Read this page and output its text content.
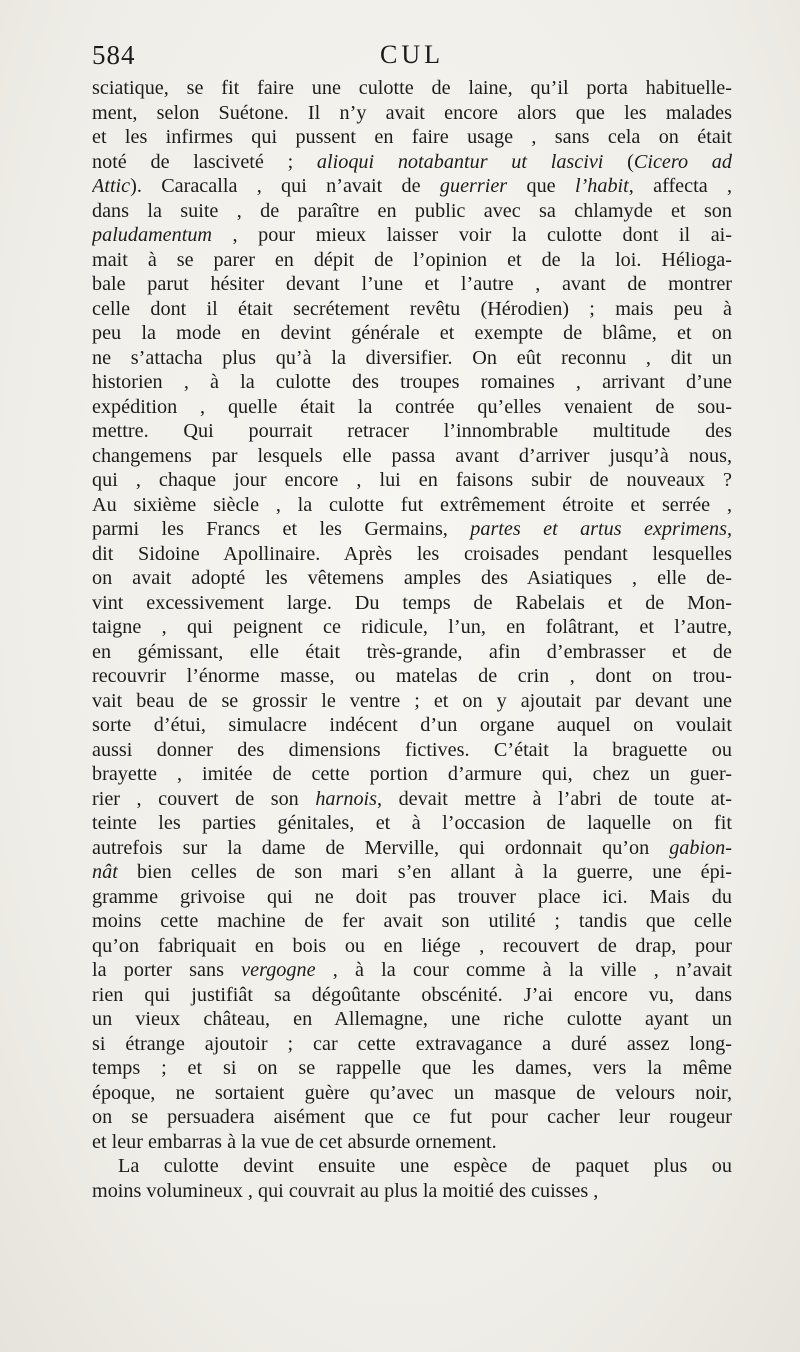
584	CUL
sciatique, se fit faire une culotte de laine, qu’il porta habituelle-
ment, selon Suétone. Il n’y avait encore alors que les malades
et les infirmes qui pussent en faire usage , sans cela on était
noté de lasciveté ; alioqui notabantur ut lascivi (Cicero ad
Attic). Caracalla , qui n’avait de guerrier que l’habit, affecta ,
dans la suite , de paraître en public avec sa chlamyde et son
paludamentum , pour mieux laisser voir la culotte dont il ai-
mait à se parer en dépit de l’opinion et de la loi. Hélioga-
bale parut hésiter devant l’une et l’autre , avant de montrer
celle dont il était secrétement revêtu (Hérodien) ; mais peu à
peu la mode en devint générale et exempte de blâme, et on
ne s’attacha plus qu’à la diversifier. On eût reconnu , dit un
historien , à la culotte des troupes romaines , arrivant d’une
expédition , quelle était la contrée qu’elles venaient de sou-
mettre. Qui pourrait retracer l’innombrable multitude des
changemens par lesquels elle passa avant d’arriver jusqu’à nous,
qui , chaque jour encore , lui en faisons subir de nouveaux ?
Au sixième siècle , la culotte fut extrêmement étroite et serrée ,
parmi les Francs et les Germains, partes et artus exprimens,
dit Sidoine Apollinaire. Après les croisades pendant lesquelles
on avait adopté les vêtemens amples des Asiatiques , elle de-
vint excessivement large. Du temps de Rabelais et de Mon-
taigne , qui peignent ce ridicule, l’un, en folâtrant, et l’autre,
en gémissant, elle était très-grande, afin d’embrasser et de
recouvrir l’énorme masse, ou matelas de crin , dont on trou-
vait beau de se grossir le ventre ; et on y ajoutait par devant une
sorte d’étui, simulacre indécent d’un organe auquel on voulait
aussi donner des dimensions fictives. C’était la braguette ou
brayette , imitée de cette portion d’armure qui, chez un guer-
rier , couvert de son harnois, devait mettre à l’abri de toute at-
teinte les parties génitales, et à l’occasion de laquelle on fit
autrefois sur la dame de Merville, qui ordonnait qu’on gabion-
nât bien celles de son mari s’en allant à la guerre, une épi-
gramme grivoise qui ne doit pas trouver place ici. Mais du
moins cette machine de fer avait son utilité ; tandis que celle
qu’on fabriquait en bois ou en liége , recouvert de drap, pour
la porter sans vergogne , à la cour comme à la ville , n’avait
rien qui justifiât sa dégoûtante obscénité. J’ai encore vu, dans
un vieux château, en Allemagne, une riche culotte ayant un
si étrange ajoutoir ; car cette extravagance a duré assez long-
temps ; et si on se rappelle que les dames, vers la même
époque, ne sortaient guère qu’avec un masque de velours noir,
on se persuadera aisément que ce fut pour cacher leur rougeur
et leur embarras à la vue de cet absurde ornement.
La culotte devint ensuite une espèce de paquet plus ou
moins volumineux , qui couvrait au plus la moitié des cuisses ,
